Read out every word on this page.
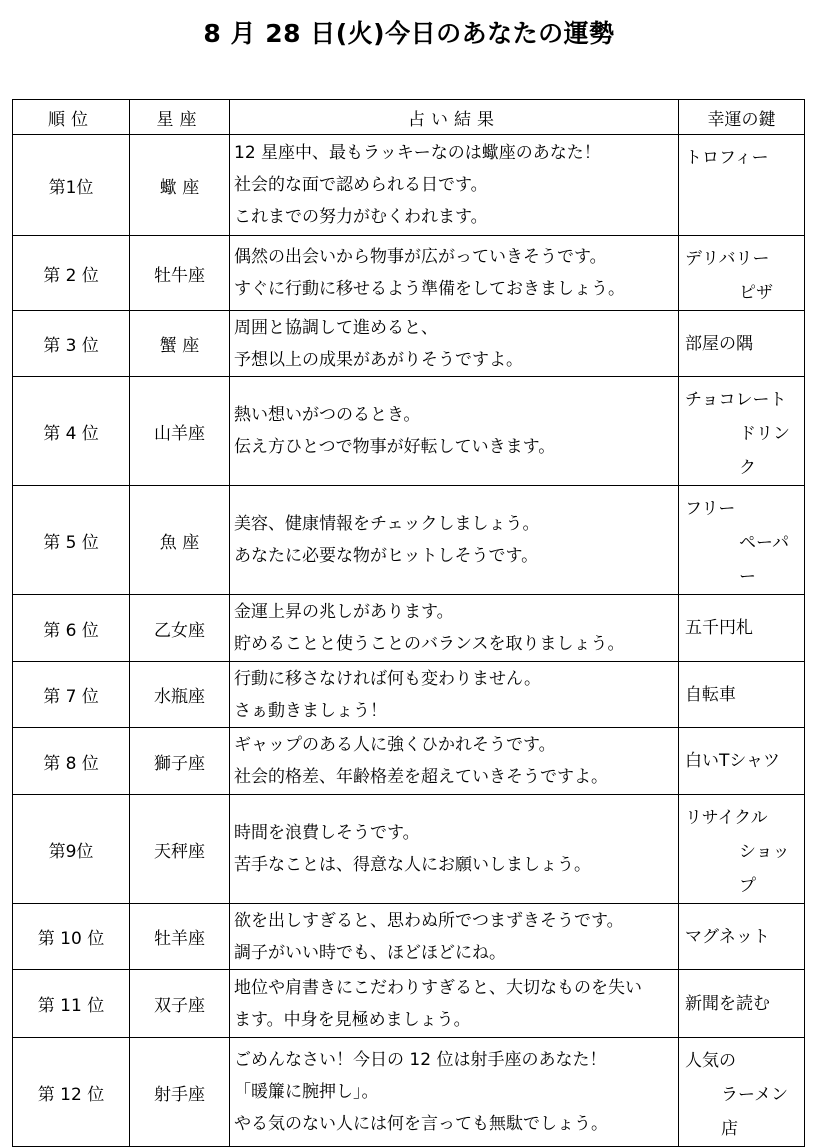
8 月 28 日(火)今日のあなたの運勢
順位	星座	占い結果	幸運の鍵
第1位	蠍 座	12 星座中、最もラッキーなのは蠍座のあなた！
社会的な面で認められる日です。
これまでの努力がむくわれます。	トロフィー

第 2 位	牡牛座	偶然の出会いから物事が広がっていきそうです。
すぐに行動に移せるよう準備をしておきましょう。	デリバリー
ピザ

第 3 位	蟹 座	周囲と協調して進めると、
予想以上の成果があがりそうですよ。	部屋の隅

第 4 位	山羊座	熱い想いがつのるとき。
伝え方ひとつで物事が好転していきます。	チョコレート
ドリンク

第 5 位	魚 座	美容、健康情報をチェックしましょう。
あなたに必要な物がヒットしそうです。	フリー
ペーパー

第 6 位	乙女座	金運上昇の兆しがあります。
貯めることと使うことのバランスを取りましょう。	五千円札

第 7 位	水瓶座	行動に移さなければ何も変わりません。
さぁ動きましょう！	自転車

第 8 位	獅子座	ギャップのある人に強くひかれそうです。
社会的格差、年齢格差を超えていきそうですよ。	白いTシャツ

第9位	天秤座	時間を浪費しそうです。
苦手なことは、得意な人にお願いしましょう。	リサイクル
ショップ

第 10 位	牡羊座	欲を出しすぎると、思わぬ所でつまずきそうです。
調子がいい時でも、ほどほどにね。	マグネット

第 11 位	双子座	地位や肩書きにこだわりすぎると、大切なものを失い
ます。中身を見極めましょう。	新聞を読む

第 12 位	射手座	ごめんなさい！今日の 12 位は射手座のあなた！
「暖簾に腕押し」。
やる気のない人には何を言っても無駄でしょう。	人気の
ラーメン店
